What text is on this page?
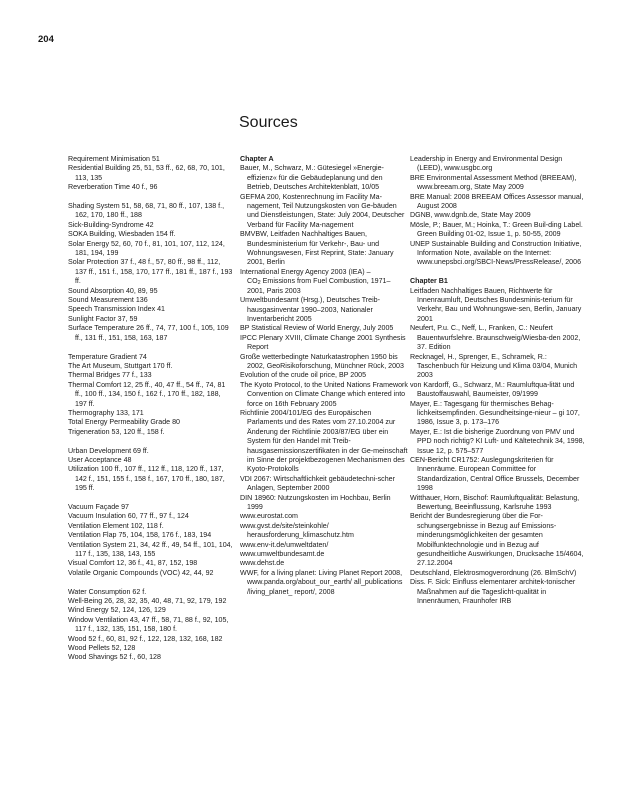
204
Sources
Requirement Minimisation 51
Residential Building 25, 51, 53 ff., 62, 68, 70, 101, 113, 135
Reverberation Time 40 f., 96
Shading System 51, 58, 68, 71, 80 ff., 107, 138 f., 162, 170, 180 ff., 188
Sick-Building-Syndrome 42
SOKA Building, Wiesbaden 154 ff.
Solar Energy 52, 60, 70 f., 81, 101, 107, 112, 124, 181, 194, 199
Solar Protection 37 f., 48 f., 57, 80 ff., 98 ff., 112, 137 ff., 151 f., 158, 170, 177 ff., 181 ff., 187 f., 193 ff.
Sound Absorption 40, 89, 95
Sound Measurement 136
Speech Transmission Index 41
Sunlight Factor 37, 59
Surface Temperature 26 ff., 74, 77, 100 f., 105, 109 ff., 131 ff., 151, 158, 163, 187
Temperature Gradient 74
The Art Museum, Stuttgart 170 ff.
Thermal Bridges 77 f., 133
Thermal Comfort 12, 25 ff., 40, 47 ff., 54 ff., 74, 81 ff., 100 ff., 134, 150 f., 162 f., 170 ff., 182, 188, 197 ff.
Thermography 133, 171
Total Energy Permeability Grade 80
Trigeneration 53, 120 ff., 158 f.
Urban Development 69 ff.
User Acceptance 48
Utilization 100 ff., 107 ff., 112 ff., 118, 120 ff., 137, 142 f., 151, 155 f., 158 f., 167, 170 ff., 180, 187, 195 ff.
Vacuum Façade 97
Vacuum Insulation 60, 77 ff., 97 f., 124
Ventilation Element 102, 118 f.
Ventilation Flap 75, 104, 158, 176 f., 183, 194
Ventilation System 21, 34, 42 ff., 49, 54 ff., 101, 104, 117 f., 135, 138, 143, 155
Visual Comfort 12, 36 f., 41, 87, 152, 198
Volatile Organic Compounds (VOC) 42, 44, 92
Water Consumption 62 f.
Well-Being 26, 28, 32, 35, 40, 48, 71, 92, 179, 192
Wind Energy 52, 124, 126, 129
Window Ventilation 43, 47 ff., 58, 71, 88 f., 92, 105, 117 f., 132, 135, 151, 158, 180 f.
Wood 52 f., 60, 81, 92 f., 122, 128, 132, 168, 182
Wood Pellets 52, 128
Wood Shavings 52 f., 60, 128
Chapter A
Bauer, M., Schwarz, M.: Gütesiegel »Energie-effizienz« für die Gebäudeplanung und den Betrieb, Deutsches Architektenblatt, 10/05
GEFMA 200, Kostenrechnung im Facility Ma-nagement, Teil Nutzungskosten von Ge-bäuden und Dienstleistungen, State: July 2004, Deutscher Verband für Facility Ma-nagement
BMVBW, Leitfaden Nachhaltiges Bauen, Bundesministerium für Verkehr-, Bau- und Wohnungswesen, First Reprint, State: January 2001, Berlin
International Energy Agency 2003 (IEA) –
$CO_2$ Emissions from Fuel Combustion, 1971–2001, Paris 2003
Umweltbundesamt (Hrsg.), Deutsches Treib-hausgasinventar 1990–2003, Nationaler Inventarbericht 2005
BP Statistical Review of World Energy, July 2005
IPCC Plenary XVIII, Climate Change 2001 Synthesis Report
Große wetterbedingte Naturkatastrophen 1950 bis 2002, GeoRisikoforschung, Münchner Rück, 2003
Evolution of the crude oil price, BP 2005
The Kyoto Protocol, to the United Nations Framework Convention on Climate Change which entered into force on 16th February 2005
Richtlinie 2004/101/EG des Europäischen Parlaments und des Rates vom 27.10.2004 zur Änderung der Richtlinie 2003/87/EG über ein System für den Handel mit Treib-hausgasemissionszertifikaten in der Ge-meinschaft im Sinne der projektbezogenen Mechanismen des Kyoto-Protokolls
VDI 2067: Wirtschaftlichkeit gebäudetechni-scher Anlagen, September 2000
DIN 18960: Nutzungskosten im Hochbau, Berlin 1999
www.eurostat.com
www.gvst.de/site/steinkohle/ herausforderung_klimaschutz.htm
www.env-it.de/umweltdaten/
www.umweltbundesamt.de
www.dehst.de
WWF, for a living planet: Living Planet Report 2008, www.panda.org/about_our_earth/ all_publications /living_planet_ report/, 2008
Leadership in Energy and Environmental Design (LEED), www.usgbc.org
BRE Environmental Assessment Method (BREEAM), www.breeam.org, State May 2009
BRE Manual: 2008 BREEAM Offices Assessor manual, August 2008
DGNB, www.dgnb.de, State May 2009
Mösle, P.; Bauer, M.; Hoinka, T.: Green Buil-ding Label. Green Building 01-02, Issue 1, p. 50-55, 2009
UNEP Sustainable Building and Construction Initiative, Information Note, available on the Internet: www.unepsbci.org/SBCI-News/PressRelease/, 2006
Chapter B1
Leitfaden Nachhaltiges Bauen, Richtwerte für Innenraumluft, Deutsches Bundesminis-terium für Verkehr, Bau und Wohnungswe-sen, Berlin, January 2001
Neufert, P.u. C., Neff, L., Franken, C.: Neufert Bauentwurfslehre. Braunschweig/Wiesba-den 2002, 37. Edition
Recknagel, H., Sprenger, E., Schramek, R.: Taschenbuch für Heizung und Klima 03/04, Munich 2003
von Kardorff, G., Schwarz, M.: Raumluftqua-lität und Baustoffauswahl, Baumeister, 09/1999
Mayer, E.: Tagesgang für thermisches Behag-lichkeitsempfinden. Gesundheitsinge-nieur – gi 107, 1986, Issue 3, p. 173–176
Mayer, E.: Ist die bisherige Zuordnung von PMV und PPD noch richtig? KI Luft- und Kältetechnik 34, 1998, Issue 12, p. 575–577
CEN-Bericht CR1752: Auslegungskriterien für Innenräume. European Committee for Standardization, Central Office Brussels, December 1998
Witthauer, Horn, Bischof: Raumluftqualität: Belastung, Bewertung, Beeinflussung, Karlsruhe 1993
Bericht der Bundesregierung über die For-schungsergebnisse in Bezug auf Emissions-minderungsmöglichkeiten der gesamten Mobilfunktechnologie und in Bezug auf gesundheitliche Auswirkungen, Drucksache 15/4604, 27.12.2004
Deutschland, Elektrosmogverordnung (26. BlmSchV)
Diss. F. Sick: Einfluss elementarer architek-tonischer Maßnahmen auf die Tageslicht-qualität in Innenräumen, Fraunhofer IRB
